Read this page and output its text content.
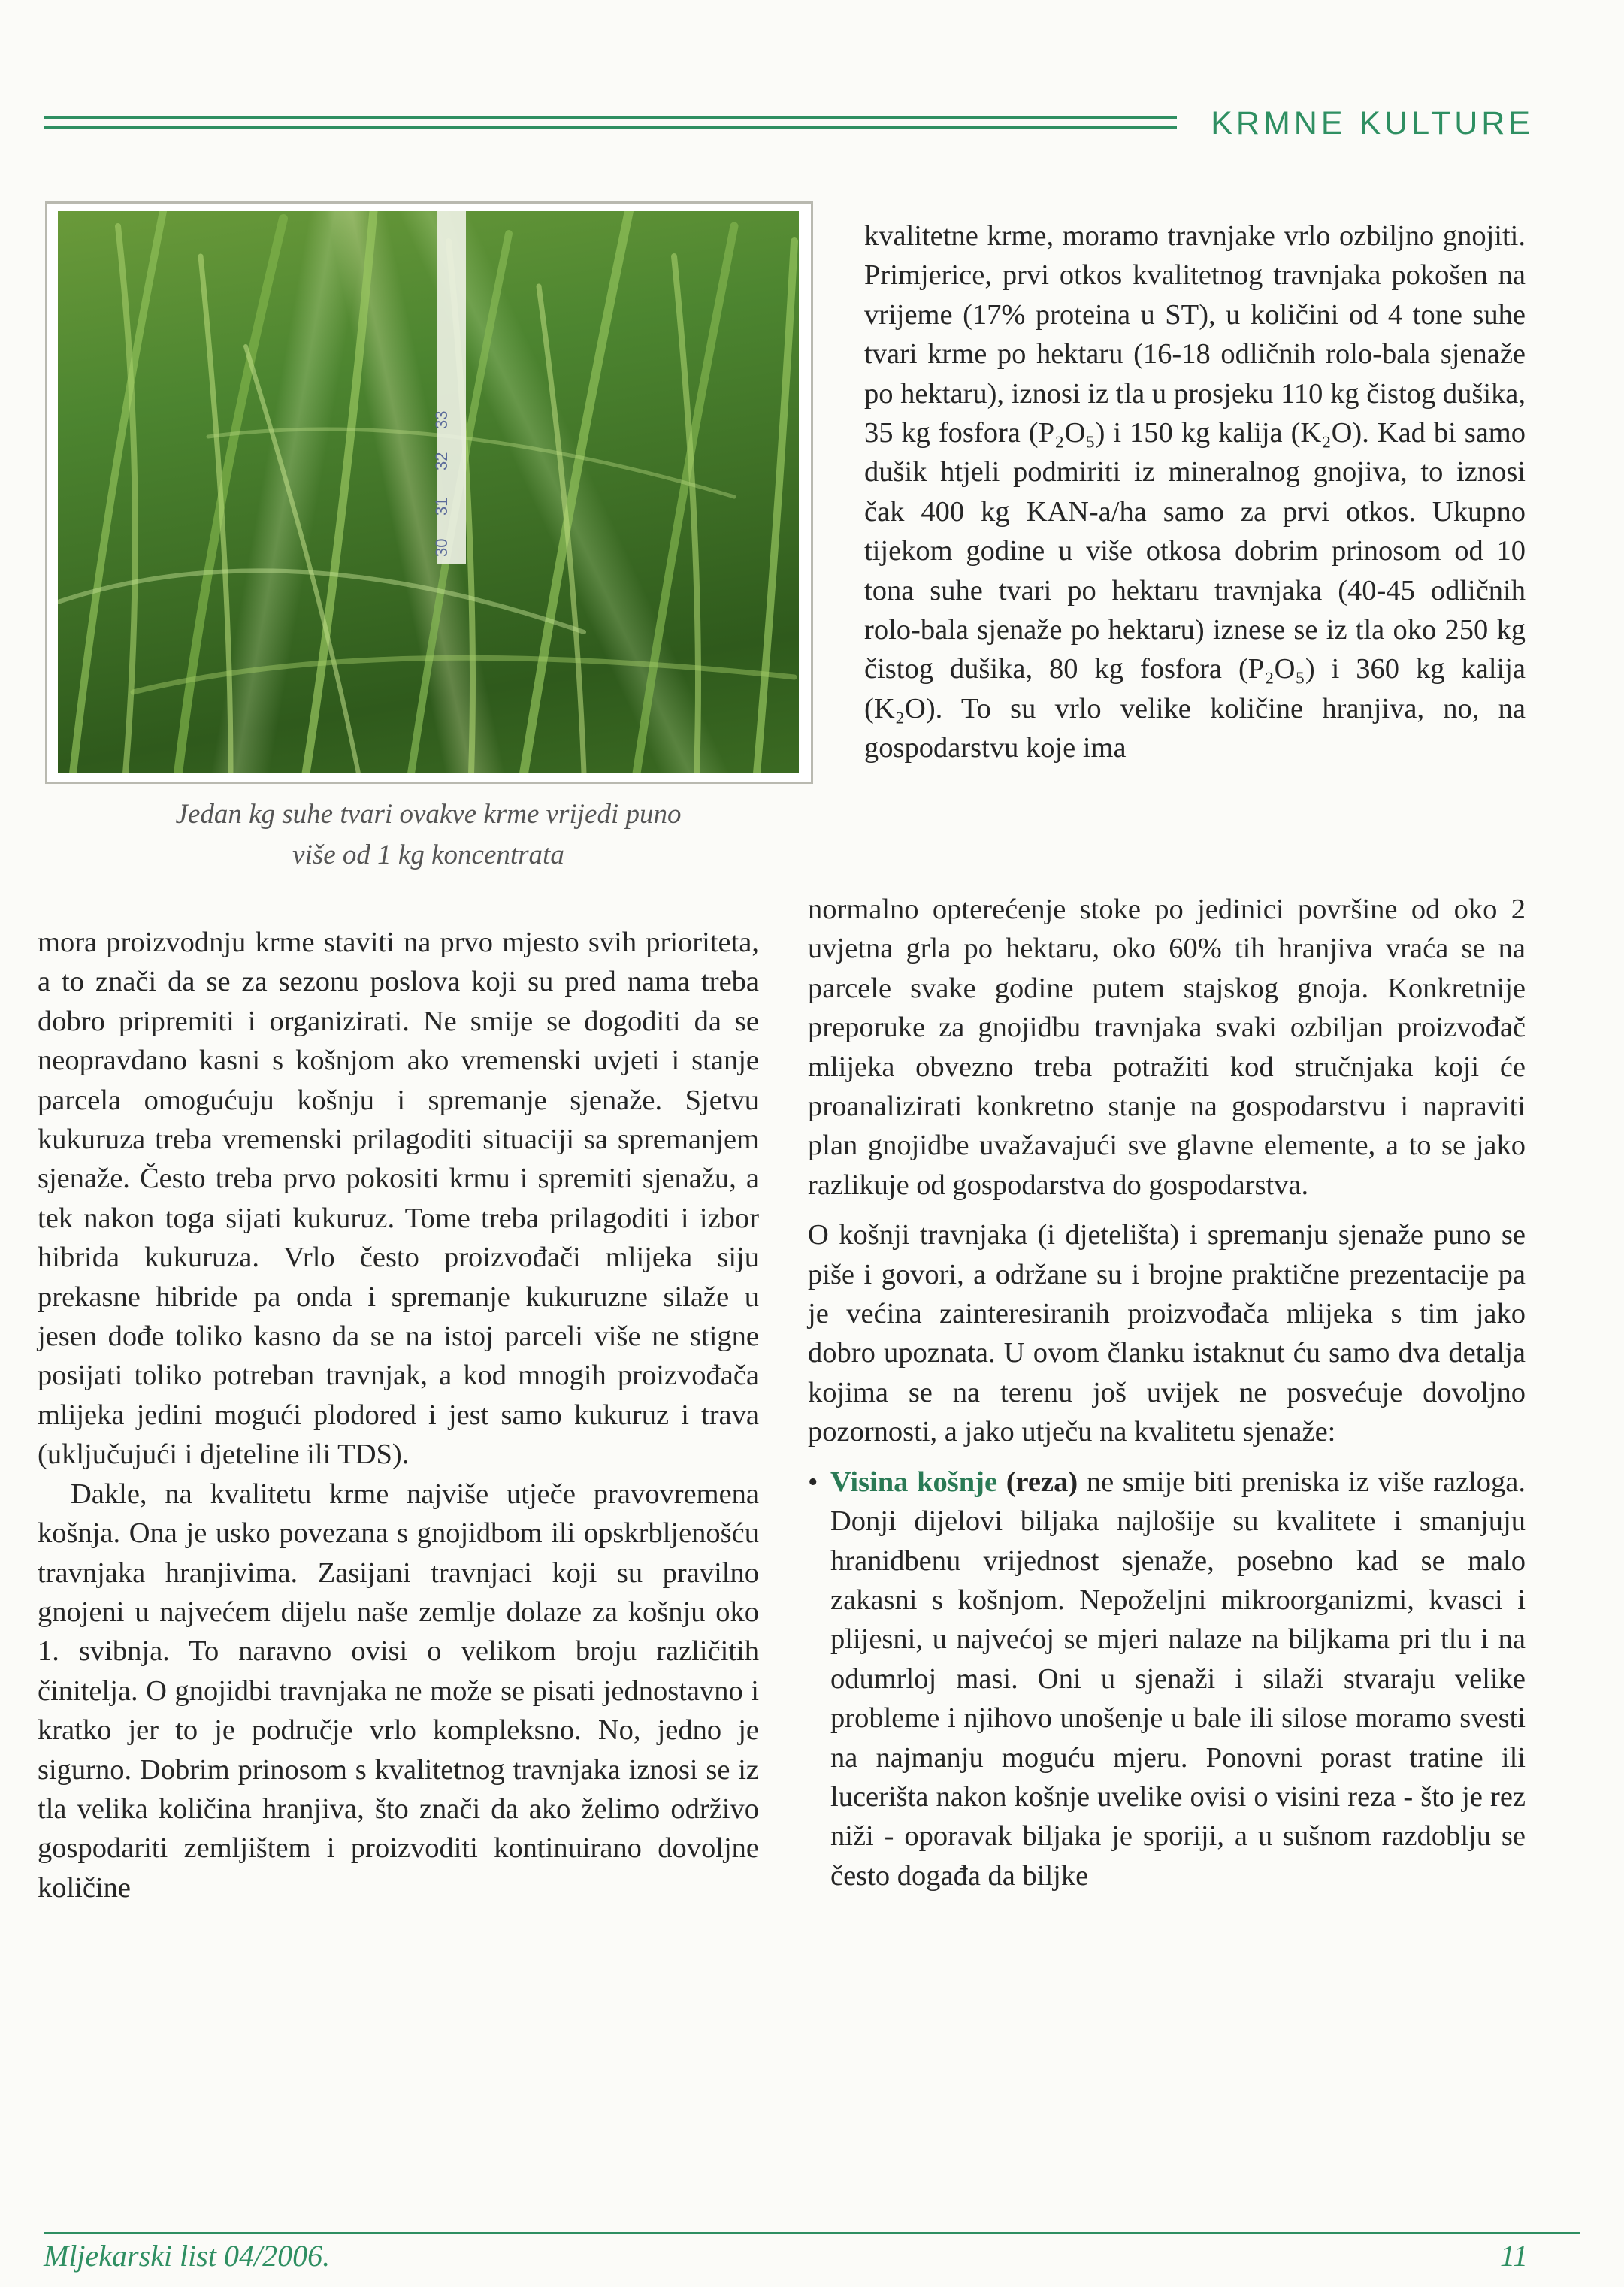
KRMNE KULTURE
30
31
32
33
Jedan kg suhe tvari ovakve krme vrijedi puno
više od 1 kg koncentrata

kvalitetne krme, moramo travnjake vrlo ozbiljno gnojiti. Primjerice, prvi otkos kvalitetnog travnjaka pokošen na vrijeme (17% proteina u ST), u količini od 4 tone suhe tvari krme po hektaru (16-18 odličnih rolo-bala sjenaže po hektaru), iznosi iz tla u prosjeku 110 kg čistog dušika, 35 kg fosfora (P₂O₅) i 150 kg kalija (K₂O). Kad bi samo dušik htjeli podmiriti iz mineralnog gnojiva, to iznosi čak 400 kg KAN-a/ha samo za prvi otkos. Ukupno tijekom godine u više otkosa dobrim prinosom od 10 tona suhe tvari po hektaru travnjaka (40-45 odličnih rolo-bala sjenaže po hektaru) iznese se iz tla oko 250 kg čistog dušika, 80 kg fosfora (P₂O₅) i 360 kg kalija (K₂O). To su vrlo velike količine hranjiva, no, na gospodarstvu koje ima

mora proizvodnju krme staviti na prvo mjesto svih prioriteta, a to znači da se za sezonu poslova koji su pred nama treba dobro pripremiti i organizirati. Ne smije se dogoditi da se neopravdano kasni s košnjom ako vremenski uvjeti i stanje parcela omogućuju košnju i spremanje sjenaže. Sjetvu kukuruza treba vremenski prilagoditi situaciji sa spremanjem sjenaže. Često treba prvo pokositi krmu i spremiti sjenažu, a tek nakon toga sijati kukuruz. Tome treba prilagoditi i izbor hibrida kukuruza. Vrlo često proizvođači mlijeka siju prekasne hibride pa onda i spremanje kukuruzne silaže u jesen dođe toliko kasno da se na istoj parceli više ne stigne posijati toliko potreban travnjak, a kod mnogih proizvođača mlijeka jedini mogući plodored i jest samo kukuruz i trava (uključujući i djeteline ili TDS).

Dakle, na kvalitetu krme najviše utječe pravovremena košnja. Ona je usko povezana s gnojidbom ili opskrbljenošću travnjaka hranjivima. Zasijani travnjaci koji su pravilno gnojeni u najvećem dijelu naše zemlje dolaze za košnju oko 1. svibnja. To naravno ovisi o velikom broju različitih činitelja. O gnojidbi travnjaka ne može se pisati jednostavno i kratko jer to je područje vrlo kompleksno. No, jedno je sigurno. Dobrim prinosom s kvalitetnog travnjaka iznosi se iz tla velika količina hranjiva, što znači da ako želimo održivo gospodariti zemljištem i proizvoditi kontinuirano dovoljne količine

normalno opterećenje stoke po jedinici površine od oko 2 uvjetna grla po hektaru, oko 60% tih hranjiva vraća se na parcele svake godine putem stajskog gnoja. Konkretnije preporuke za gnojidbu travnjaka svaki ozbiljan proizvođač mlijeka obvezno treba potražiti kod stručnjaka koji će proanalizirati konkretno stanje na gospodarstvu i napraviti plan gnojidbe uvažavajući sve glavne elemente, a to se jako razlikuje od gospodarstva do gospodarstva.

O košnji travnjaka (i djetelišta) i spremanju sjenaže puno se piše i govori, a održane su i brojne praktične prezentacije pa je većina zainteresiranih proizvođača mlijeka s tim jako dobro upoznata. U ovom članku istaknut ću samo dva detalja kojima se na terenu još uvijek ne posvećuje dovoljno pozornosti, a jako utječu na kvalitetu sjenaže:

• Visina košnje (reza) ne smije biti preniska iz više razloga. Donji dijelovi biljaka najlošije su kvalitete i smanjuju hranidbenu vrijednost sjenaže, posebno kad se malo zakasni s košnjom. Nepoželjni mikroorganizmi, kvasci i plijesni, u najvećoj se mjeri nalaze na biljkama pri tlu i na odumrloj masi. Oni u sjenaži i silaži stvaraju velike probleme i njihovo unošenje u bale ili silose moramo svesti na najmanju moguću mjeru. Ponovni porast tratine ili lucerišta nakon košnje uvelike ovisi o visini reza - što je rez niži - oporavak biljaka je sporiji, a u sušnom razdoblju se često događa da biljke

Mljekarski list 04/2006.	11
